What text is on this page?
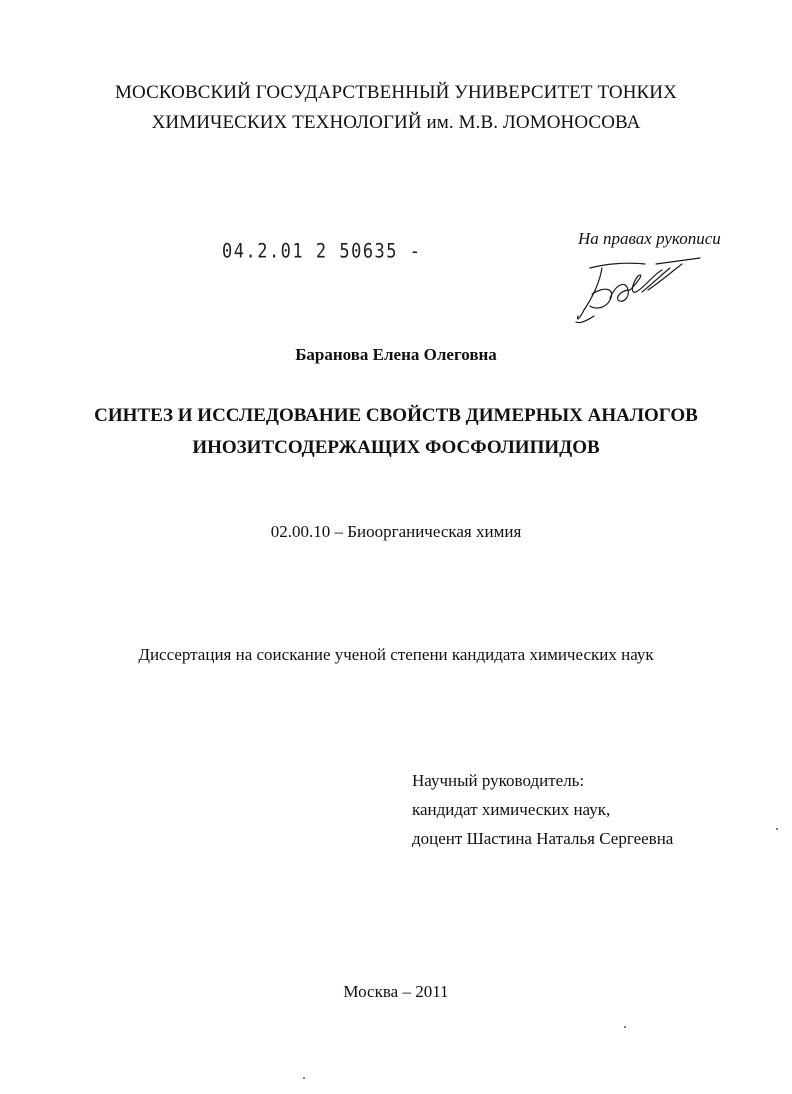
МОСКОВСКИЙ ГОСУДАРСТВЕННЫЙ УНИВЕРСИТЕТ ТОНКИХ
ХИМИЧЕСКИХ ТЕХНОЛОГИЙ им. М.В. ЛОМОНОСОВА
04.2.01 2 50635 -
На правах рукописи
Баранова Елена Олеговна
СИНТЕЗ И ИССЛЕДОВАНИЕ СВОЙСТВ ДИМЕРНЫХ АНАЛОГОВ
ИНОЗИТСОДЕРЖАЩИХ ФОСФОЛИПИДОВ
02.00.10 – Биоорганическая химия
Диссертация на соискание ученой степени кандидата химических наук
Научный руководитель:
кандидат химических наук,
доцент Шастина Наталья Сергеевна
Москва – 2011
